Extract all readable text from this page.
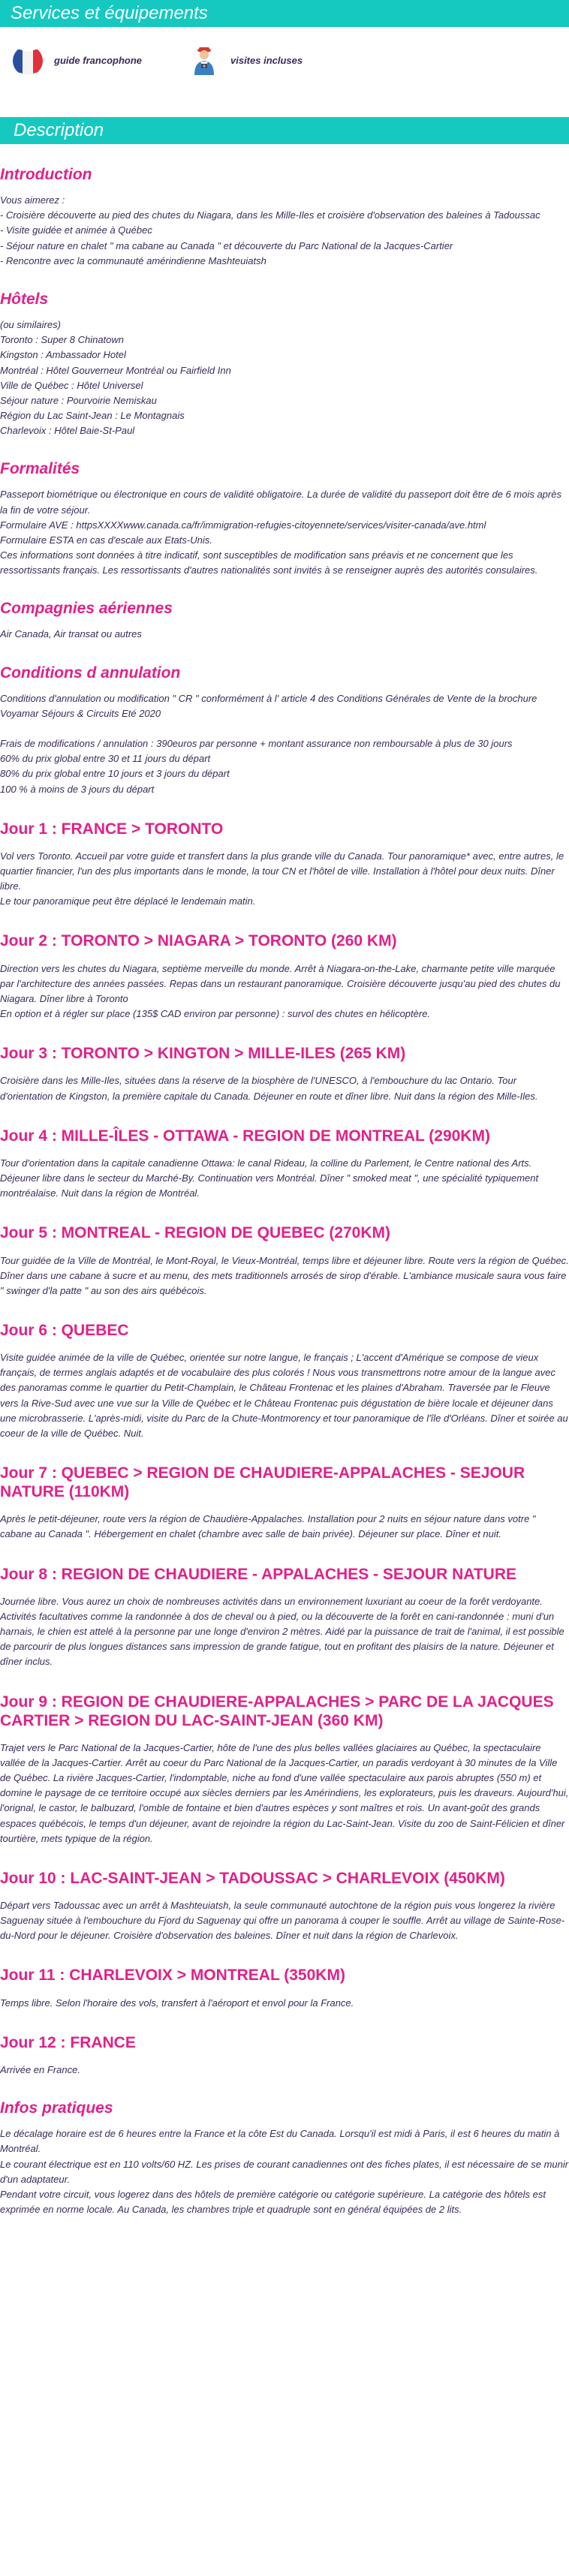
Services et équipements
guide francophone	visites incluses
Description
Introduction

Vous aimerez :
- Croisière découverte au pied des chutes du Niagara, dans les Mille-Iles et croisière d'observation des baleines à Tadoussac
- Visite guidée et animée à Québec
- Séjour nature en chalet " ma cabane au Canada " et découverte du Parc National de la Jacques-Cartier
- Rencontre avec la communauté amérindienne Mashteuiatsh

Hôtels

(ou similaires)
Toronto : Super 8 Chinatown
Kingston : Ambassador Hotel
Montréal : Hôtel Gouverneur Montréal ou Fairfield Inn
Ville de Québec : Hôtel Universel
Séjour nature : Pourvoirie Nemiskau
Région du Lac Saint-Jean : Le Montagnais
Charlevoix : Hôtel Baie-St-Paul

Formalités

Passeport biométrique ou électronique en cours de validité obligatoire. La durée de validité du passeport doit être de 6 mois après la fin de votre séjour.
Formulaire AVE : httpsXXXXwww.canada.ca/fr/immigration-refugies-citoyennete/services/visiter-canada/ave.html
Formulaire ESTA en cas d'escale aux Etats-Unis.
Ces informations sont données à titre indicatif, sont susceptibles de modification sans préavis et ne concernent que les ressortissants français. Les ressortissants d'autres nationalités sont invités à se renseigner auprès des autorités consulaires.

Compagnies aériennes

Air Canada, Air transat ou autres

Conditions d annulation

Conditions d'annulation ou modification " CR " conformément à l' article 4 des Conditions Générales de Vente de la brochure Voyamar Séjours & Circuits Eté 2020

Frais de modifications / annulation : 390euros par personne + montant assurance non remboursable à plus de 30 jours
60% du prix global entre 30 et 11 jours du départ
80% du prix global entre 10 jours et 3 jours du départ
100 % à moins de 3 jours du départ

Jour 1 : FRANCE > TORONTO

Vol vers Toronto. Accueil par votre guide et transfert dans la plus grande ville du Canada. Tour panoramique* avec, entre autres, le quartier financier, l'un des plus importants dans le monde, la tour CN et l'hôtel de ville. Installation à l'hôtel pour deux nuits. Dîner libre.
Le tour panoramique peut être déplacé le lendemain matin.

Jour 2 : TORONTO > NIAGARA > TORONTO (260 KM)

Direction vers les chutes du Niagara, septième merveille du monde. Arrêt à Niagara-on-the-Lake, charmante petite ville marquée par l'architecture des années passées. Repas dans un restaurant panoramique. Croisière découverte jusqu'au pied des chutes du Niagara. Dîner libre à Toronto
En option et à régler sur place (135$ CAD environ par personne) : survol des chutes en hélicoptère.

Jour 3 : TORONTO > KINGTON > MILLE-ILES (265 KM)

Croisière dans les Mille-Iles, situées dans la réserve de la biosphère de l'UNESCO, à l'embouchure du lac Ontario. Tour d'orientation de Kingston, la première capitale du Canada. Déjeuner en route et dîner libre. Nuit dans la région des Mille-Iles.

Jour 4 : MILLE-ÎLES - OTTAWA - REGION DE MONTREAL (290KM)

Tour d'orientation dans la capitale canadienne Ottawa: le canal Rideau, la colline du Parlement, le Centre national des Arts. Déjeuner libre dans le secteur du Marché-By. Continuation vers Montréal. Dîner " smoked meat ", une spécialité typiquement montréalaise. Nuit dans la région de Montréal.

Jour 5 : MONTREAL - REGION DE QUEBEC (270KM)

Tour guidée de la Ville de Montréal, le Mont-Royal, le Vieux-Montréal, temps libre et déjeuner libre. Route vers la région de Québec. Dîner dans une cabane à sucre et au menu, des mets traditionnels arrosés de sirop d'érable. L'ambiance musicale saura vous faire " swinger d'la patte " au son des airs québécois.

Jour 6 : QUEBEC

Visite guidée animée de la ville de Québec, orientée sur notre langue, le français ; L'accent d'Amérique se compose de vieux français, de termes anglais adaptés et de vocabulaire des plus colorés ! Nous vous transmettrons notre amour de la langue avec des panoramas comme le quartier du Petit-Champlain, le Château Frontenac et les plaines d'Abraham. Traversée par le Fleuve vers la Rive-Sud avec une vue sur la Ville de Québec et le Château Frontenac puis dégustation de bière locale et déjeuner dans une microbrasserie. L'après-midi, visite du Parc de la Chute-Montmorency et tour panoramique de l'île d'Orléans. Dîner et soirée au coeur de la ville de Québec. Nuit.

Jour 7 : QUEBEC > REGION DE CHAUDIERE-APPALACHES - SEJOUR NATURE (110KM)

Après le petit-déjeuner, route vers la région de Chaudière-Appalaches. Installation pour 2 nuits en séjour nature dans votre " cabane au Canada ". Hébergement en chalet (chambre avec salle de bain privée). Déjeuner sur place. Dîner et nuit.

Jour 8 : REGION DE CHAUDIERE - APPALACHES - SEJOUR NATURE

Journée libre. Vous aurez un choix de nombreuses activités dans un environnement luxuriant au coeur de la forêt verdoyante. Activités facultatives comme la randonnée à dos de cheval ou à pied, ou la découverte de la forêt en cani-randonnée : muni d'un harnais, le chien est attelé à la personne par une longe d'environ 2 mètres. Aidé par la puissance de trait de l'animal, il est possible de parcourir de plus longues distances sans impression de grande fatigue, tout en profitant des plaisirs de la nature. Déjeuner et dîner inclus.

Jour 9 : REGION DE CHAUDIERE-APPALACHES > PARC DE LA JACQUES CARTIER > REGION DU LAC-SAINT-JEAN (360 KM)

Trajet vers le Parc National de la Jacques-Cartier, hôte de l'une des plus belles vallées glaciaires au Québec, la spectaculaire vallée de la Jacques-Cartier. Arrêt au coeur du Parc National de la Jacques-Cartier, un paradis verdoyant à 30 minutes de la Ville de Québec. La rivière Jacques-Cartier, l'indomptable, niche au fond d'une vallée spectaculaire aux parois abruptes (550 m) et domine le paysage de ce territoire occupé aux siècles derniers par les Amérindiens, les explorateurs, puis les draveurs. Aujourd'hui, l'orignal, le castor, le balbuzard, l'omble de fontaine et bien d'autres espèces y sont maîtres et rois. Un avant-goût des grands espaces québécois, le temps d'un déjeuner, avant de rejoindre la région du Lac-Saint-Jean. Visite du zoo de Saint-Félicien et dîner tourtière, mets typique de la région.

Jour 10 : LAC-SAINT-JEAN > TADOUSSAC > CHARLEVOIX (450KM)

Départ vers Tadoussac avec un arrêt à Mashteuiatsh, la seule communauté autochtone de la région puis vous longerez la rivière Saguenay située à l'embouchure du Fjord du Saguenay qui offre un panorama à couper le souffle. Arrêt au village de Sainte-Rose-du-Nord pour le déjeuner. Croisière d'observation des baleines. Dîner et nuit dans la région de Charlevoix.

Jour 11 : CHARLEVOIX > MONTREAL (350KM)

Temps libre. Selon l'horaire des vols, transfert à l'aéroport et envol pour la France.

Jour 12 : FRANCE

Arrivée en France.

Infos pratiques

Le décalage horaire est de 6 heures entre la France et la côte Est du Canada. Lorsqu'il est midi à Paris, il est 6 heures du matin à Montréal.
Le courant électrique est en 110 volts/60 HZ. Les prises de courant canadiennes ont des fiches plates, il est nécessaire de se munir d'un adaptateur.
Pendant votre circuit, vous logerez dans des hôtels de première catégorie ou catégorie supérieure. La catégorie des hôtels est exprimée en norme locale. Au Canada, les chambres triple et quadruple sont en général équipées de 2 lits.
